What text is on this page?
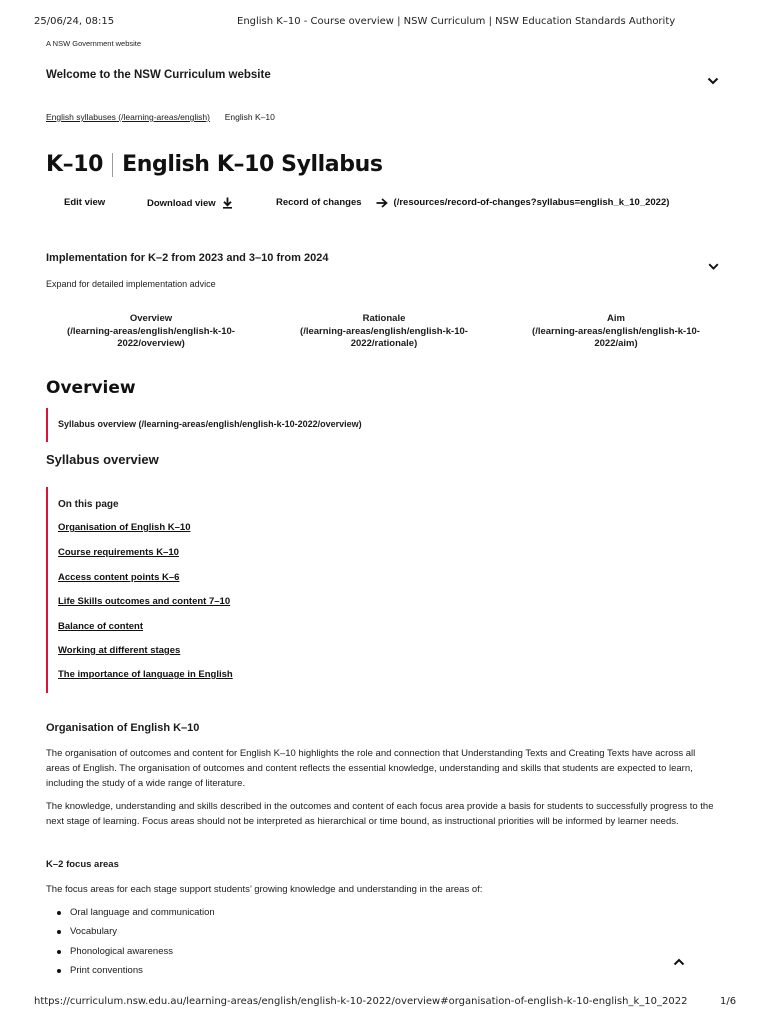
25/06/24, 08:15	English K–10 - Course overview | NSW Curriculum | NSW Education Standards Authority
A NSW Government website
Welcome to the NSW Curriculum website
English syllabuses (/learning-areas/english) English K–10
K–10 English K–10 Syllabus
Edit view	Download view	Record of changes	(/resources/record-of-changes?syllabus=english_k_10_2022)
Implementation for K–2 from 2023 and 3–10 from 2024
Expand for detailed implementation advice
Overview
(/learning-areas/english/english-k-10-2022/overview)
Rationale
(/learning-areas/english/english-k-10-2022/rationale)
Aim
(/learning-areas/english/english-k-10-2022/aim)
Overview
Syllabus overview (/learning-areas/english/english-k-10-2022/overview)
Syllabus overview
On this page
Organisation of English K–10
Course requirements K–10
Access content points K–6
Life Skills outcomes and content 7–10
Balance of content
Working at different stages
The importance of language in English
Organisation of English K–10
The organisation of outcomes and content for English K–10 highlights the role and connection that Understanding Texts and Creating Texts have across all areas of English. The organisation of outcomes and content reflects the essential knowledge, understanding and skills that students are expected to learn, including the study of a wide range of literature.
The knowledge, understanding and skills described in the outcomes and content of each focus area provide a basis for students to successfully progress to the next stage of learning. Focus areas should not be interpreted as hierarchical or time bound, as instructional priorities will be informed by learner needs.
K–2 focus areas
The focus areas for each stage support students’ growing knowledge and understanding in the areas of:
Oral language and communication
Vocabulary
Phonological awareness
Print conventions
https://curriculum.nsw.edu.au/learning-areas/english/english-k-10-2022/overview#organisation-of-english-k-10-english_k_10_2022	1/6
